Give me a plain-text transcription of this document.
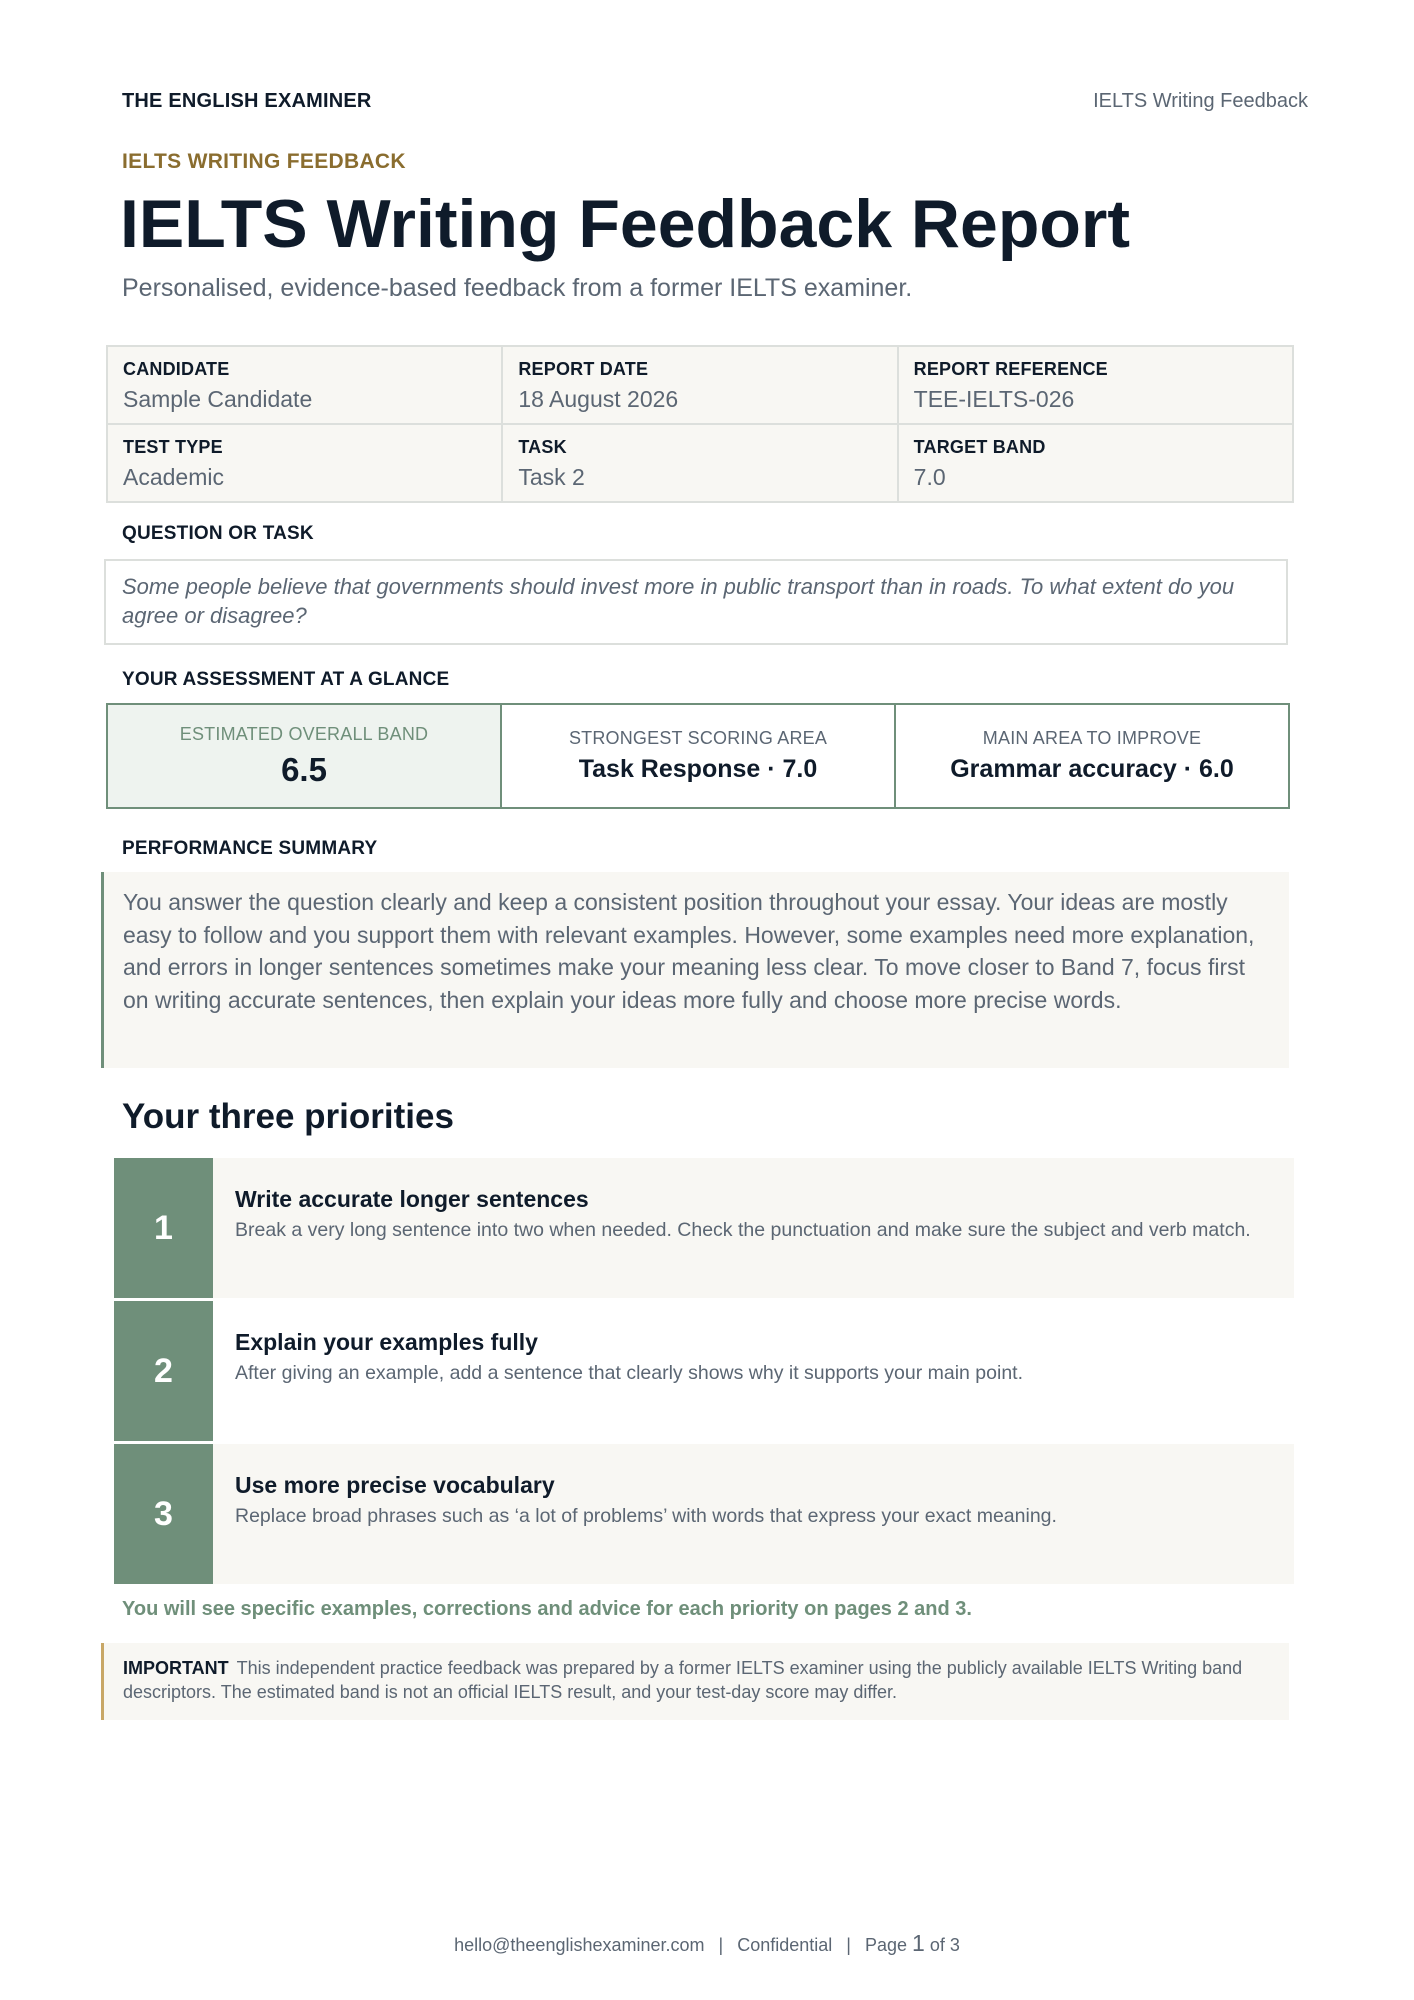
THE ENGLISH EXAMINER	IELTS Writing Feedback
IELTS WRITING FEEDBACK
IELTS Writing Feedback Report
Personalised, evidence-based feedback from a former IELTS examiner.
CANDIDATE
Sample Candidate
REPORT DATE
18 August 2026
REPORT REFERENCE
TEE-IELTS-026
TEST TYPE
Academic
TASK
Task 2
TARGET BAND
7.0
QUESTION OR TASK
Some people believe that governments should invest more in public transport than in roads. To what extent do you agree or disagree?
YOUR ASSESSMENT AT A GLANCE
ESTIMATED OVERALL BAND
6.5
STRONGEST SCORING AREA
Task Response · 7.0
MAIN AREA TO IMPROVE
Grammar accuracy · 6.0
PERFORMANCE SUMMARY
You answer the question clearly and keep a consistent position throughout your essay. Your ideas are mostly easy to follow and you support them with relevant examples. However, some examples need more explanation, and errors in longer sentences sometimes make your meaning less clear. To move closer to Band 7, focus first on writing accurate sentences, then explain your ideas more fully and choose more precise words.
Your three priorities
1
Write accurate longer sentences
Break a very long sentence into two when needed. Check the punctuation and make sure the subject and verb match.
2
Explain your examples fully
After giving an example, add a sentence that clearly shows why it supports your main point.
3
Use more precise vocabulary
Replace broad phrases such as ‘a lot of problems’ with words that express your exact meaning.
You will see specific examples, corrections and advice for each priority on pages 2 and 3.
IMPORTANT This independent practice feedback was prepared by a former IELTS examiner using the publicly available IELTS Writing band descriptors. The estimated band is not an official IELTS result, and your test-day score may differ.
hello@theenglishexaminer.com | Confidential | Page 1 of 3
